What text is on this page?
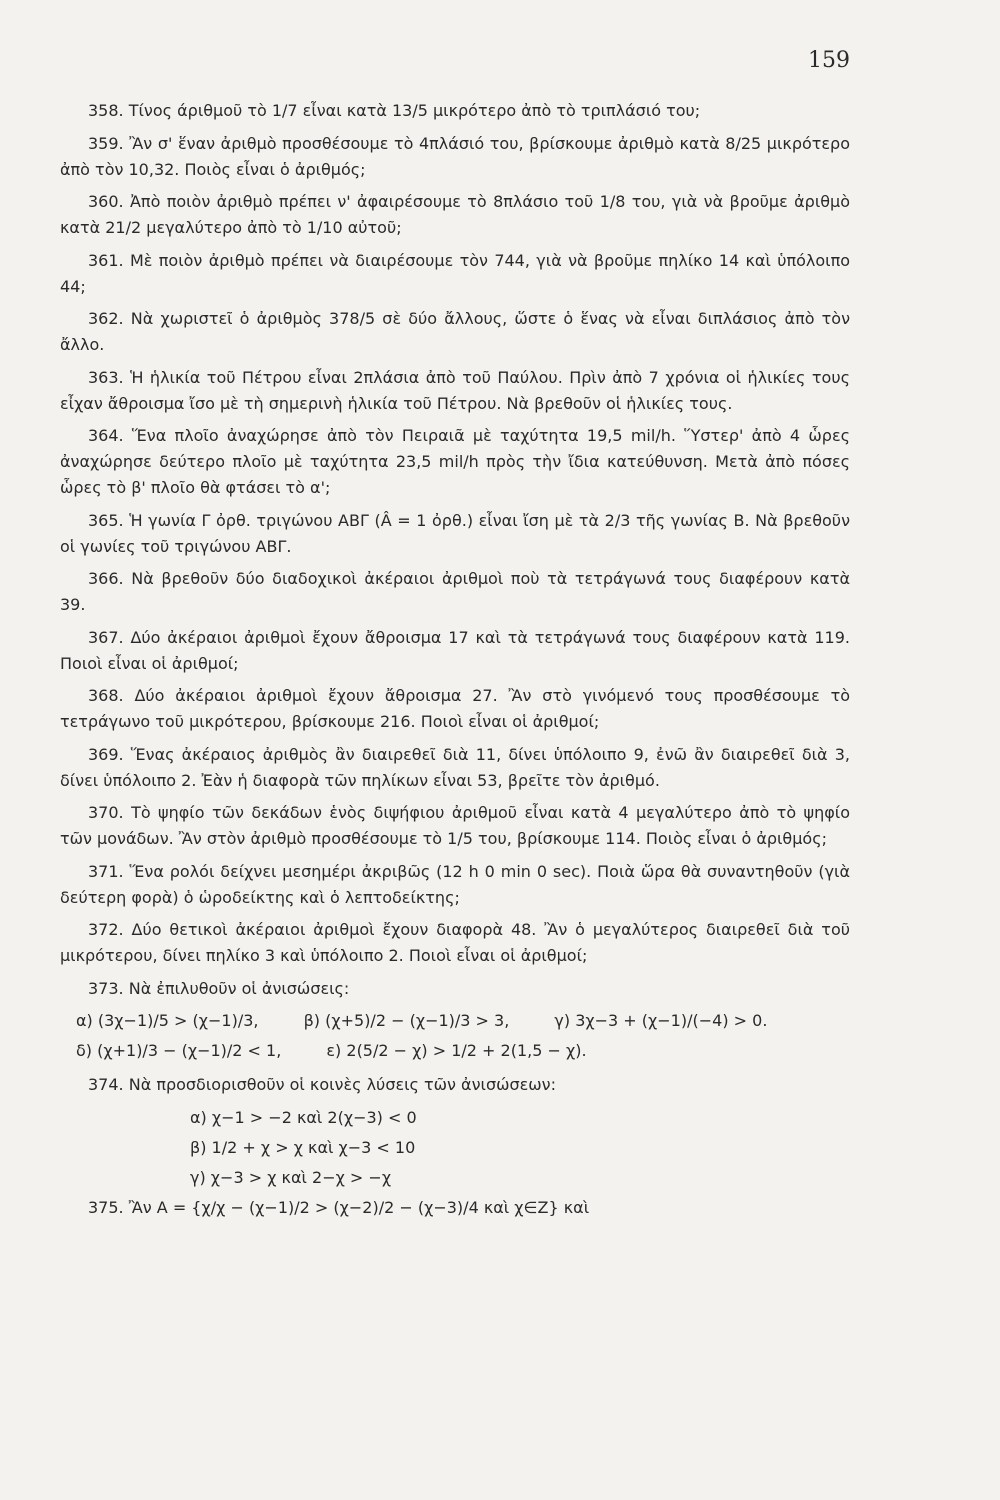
159

358. Τίνος άριθμοῦ τὸ 1/7 εἶναι κατὰ 13/5 μικρότερο ἀπὸ τὸ τριπλάσιό του;

359. Ἂν σ' ἕναν ἀριθμὸ προσθέσουμε τὸ 4πλάσιό του, βρίσκουμε ἀριθμὸ κατὰ 8/25 μικρότερο ἀπὸ τὸν 10,32. Ποιὸς εἶναι ὁ ἀριθμός;

360. Ἀπὸ ποιὸν ἀριθμὸ πρέπει ν' ἀφαιρέσουμε τὸ 8πλάσιο τοῦ 1/8 του, γιὰ νὰ βροῦμε ἀριθμὸ κατὰ 21/2 μεγαλύτερο ἀπὸ τὸ 1/10 αὐτοῦ;

361. Μὲ ποιὸν ἀριθμὸ πρέπει νὰ διαιρέσουμε τὸν 744, γιὰ νὰ βροῦμε πηλίκο 14 καὶ ὑπόλοιπο 44;

362. Νὰ χωριστεῖ ὁ ἀριθμὸς 378/5 σὲ δύο ἄλλους, ὥστε ὁ ἕνας νὰ εἶναι διπλάσιος ἀπὸ τὸν ἄλλο.

363. Ἡ ἡλικία τοῦ Πέτρου εἶναι 2πλάσια ἀπὸ τοῦ Παύλου. Πρὶν ἀπὸ 7 χρόνια οἱ ἡλικίες τους εἶχαν ἄθροισμα ἴσο μὲ τὴ σημερινὴ ἡλικία τοῦ Πέτρου. Νὰ βρεθοῦν οἱ ἡλικίες τους.

364. Ἕνα πλοῖο ἀναχώρησε ἀπὸ τὸν Πειραιᾶ μὲ ταχύτητα 19,5 mil/h. Ὕστερ' ἀπὸ 4 ὧρες ἀναχώρησε δεύτερο πλοῖο μὲ ταχύτητα 23,5 mil/h πρὸς τὴν ἴδια κατεύθυνση. Μετὰ ἀπὸ πόσες ὧρες τὸ β' πλοῖο θὰ φτάσει τὸ α';

365. Ἡ γωνία Γ ὀρθ. τριγώνου ΑΒΓ (Â = 1 ὀρθ.) εἶναι ἴση μὲ τὰ 2/3 τῆς γωνίας Β. Νὰ βρεθοῦν οἱ γωνίες τοῦ τριγώνου ΑΒΓ.

366. Νὰ βρεθοῦν δύο διαδοχικοὶ ἀκέραιοι ἀριθμοὶ ποὺ τὰ τετράγωνά τους διαφέρουν κατὰ 39.

367. Δύο ἀκέραιοι ἀριθμοὶ ἔχουν ἄθροισμα 17 καὶ τὰ τετράγωνά τους διαφέρουν κατὰ 119. Ποιοὶ εἶναι οἱ ἀριθμοί;

368. Δύο ἀκέραιοι ἀριθμοὶ ἔχουν ἄθροισμα 27. Ἂν στὸ γινόμενό τους προσθέσουμε τὸ τετράγωνο τοῦ μικρότερου, βρίσκουμε 216. Ποιοὶ εἶναι οἱ ἀριθμοί;

369. Ἕνας ἀκέραιος ἀριθμὸς ἂν διαιρεθεῖ διὰ 11, δίνει ὑπόλοιπο 9, ἐνῶ ἂν διαιρεθεῖ διὰ 3, δίνει ὑπόλοιπο 2. Ἐὰν ἡ διαφορὰ τῶν πηλίκων εἶναι 53, βρεῖτε τὸν ἀριθμό.

370. Τὸ ψηφίο τῶν δεκάδων ἑνὸς διψήφιου ἀριθμοῦ εἶναι κατὰ 4 μεγαλύτερο ἀπὸ τὸ ψηφίο τῶν μονάδων. Ἂν στὸν ἀριθμὸ προσθέσουμε τὸ 1/5 του, βρίσκουμε 114. Ποιὸς εἶναι ὁ ἀριθμός;

371. Ἕνα ρολόι δείχνει μεσημέρι ἀκριβῶς (12 h 0 min 0 sec). Ποιὰ ὥρα θὰ συναντηθοῦν (γιὰ δεύτερη φορὰ) ὁ ὡροδείκτης καὶ ὁ λεπτοδείκτης;

372. Δύο θετικοὶ ἀκέραιοι ἀριθμοὶ ἔχουν διαφορὰ 48. Ἂν ὁ μεγαλύτερος διαιρεθεῖ διὰ τοῦ μικρότερου, δίνει πηλίκο 3 καὶ ὑπόλοιπο 2. Ποιοὶ εἶναι οἱ ἀριθμοί;

373. Νὰ ἐπιλυθοῦν οἱ ἀνισώσεις:

α) (3χ−1)/5 > (χ−1)/3,	β) (χ+5)/2 − (χ−1)/3 > 3,	γ) 3χ−3 + (χ−1)/(−4) > 0.
δ) (χ+1)/3 − (χ−1)/2 < 1,	ε) 2(5/2 − χ) > 1/2 + 2(1,5 − χ).

374. Νὰ προσδιορισθοῦν οἱ κοινὲς λύσεις τῶν ἀνισώσεων:

α) χ−1 > −2 καὶ 2(χ−3) < 0
β) 1/2 + χ > χ καὶ χ−3 < 10
γ) χ−3 > χ καὶ 2−χ > −χ

375. Ἂν Α = {χ/χ − (χ−1)/2 > (χ−2)/2 − (χ−3)/4 καὶ χ∈Ζ} καὶ
